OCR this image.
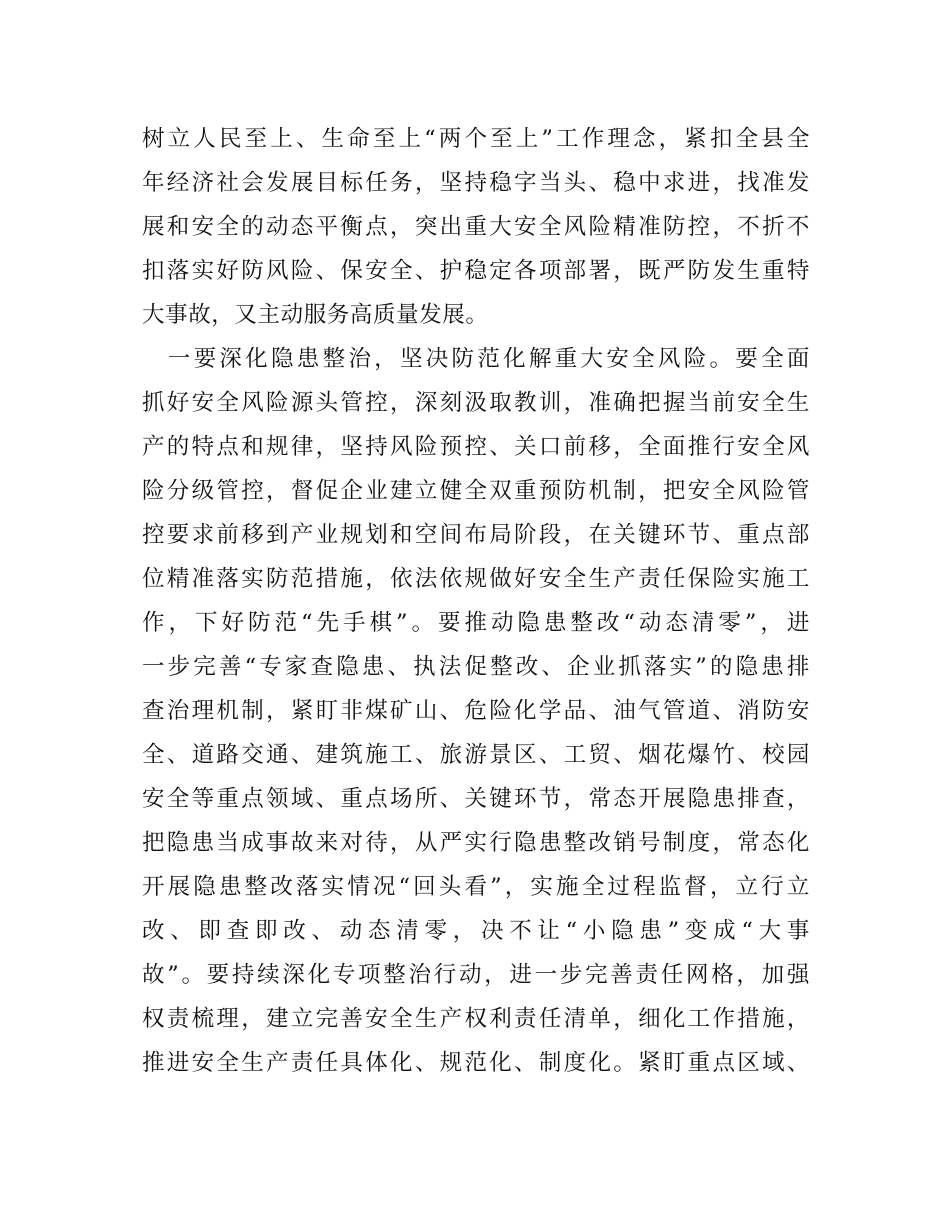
树立人民至上、生命至上“两个至上”工作理念，紧扣全县全
年经济社会发展目标任务，坚持稳字当头、稳中求进，找准发
展和安全的动态平衡点，突出重大安全风险精准防控，不折不
扣落实好防风险、保安全、护稳定各项部署，既严防发生重特
大事故，又主动服务高质量发展。
　一要深化隐患整治，坚决防范化解重大安全风险。要全面
抓好安全风险源头管控，深刻汲取教训，准确把握当前安全生
产的特点和规律，坚持风险预控、关口前移，全面推行安全风
险分级管控，督促企业建立健全双重预防机制，把安全风险管
控要求前移到产业规划和空间布局阶段，在关键环节、重点部
位精准落实防范措施，依法依规做好安全生产责任保险实施工
作，下好防范“先手棋”。要推动隐患整改“动态清零”，进
一步完善“专家查隐患、执法促整改、企业抓落实”的隐患排
查治理机制，紧盯非煤矿山、危险化学品、油气管道、消防安
全、道路交通、建筑施工、旅游景区、工贸、烟花爆竹、校园
安全等重点领域、重点场所、关键环节，常态开展隐患排查，
把隐患当成事故来对待，从严实行隐患整改销号制度，常态化
开展隐患整改落实情况“回头看”，实施全过程监督，立行立
改、即查即改、动态清零，决不让“小隐患”变成“大事
故”。要持续深化专项整治行动，进一步完善责任网格，加强
权责梳理，建立完善安全生产权利责任清单，细化工作措施，
推进安全生产责任具体化、规范化、制度化。紧盯重点区域、
